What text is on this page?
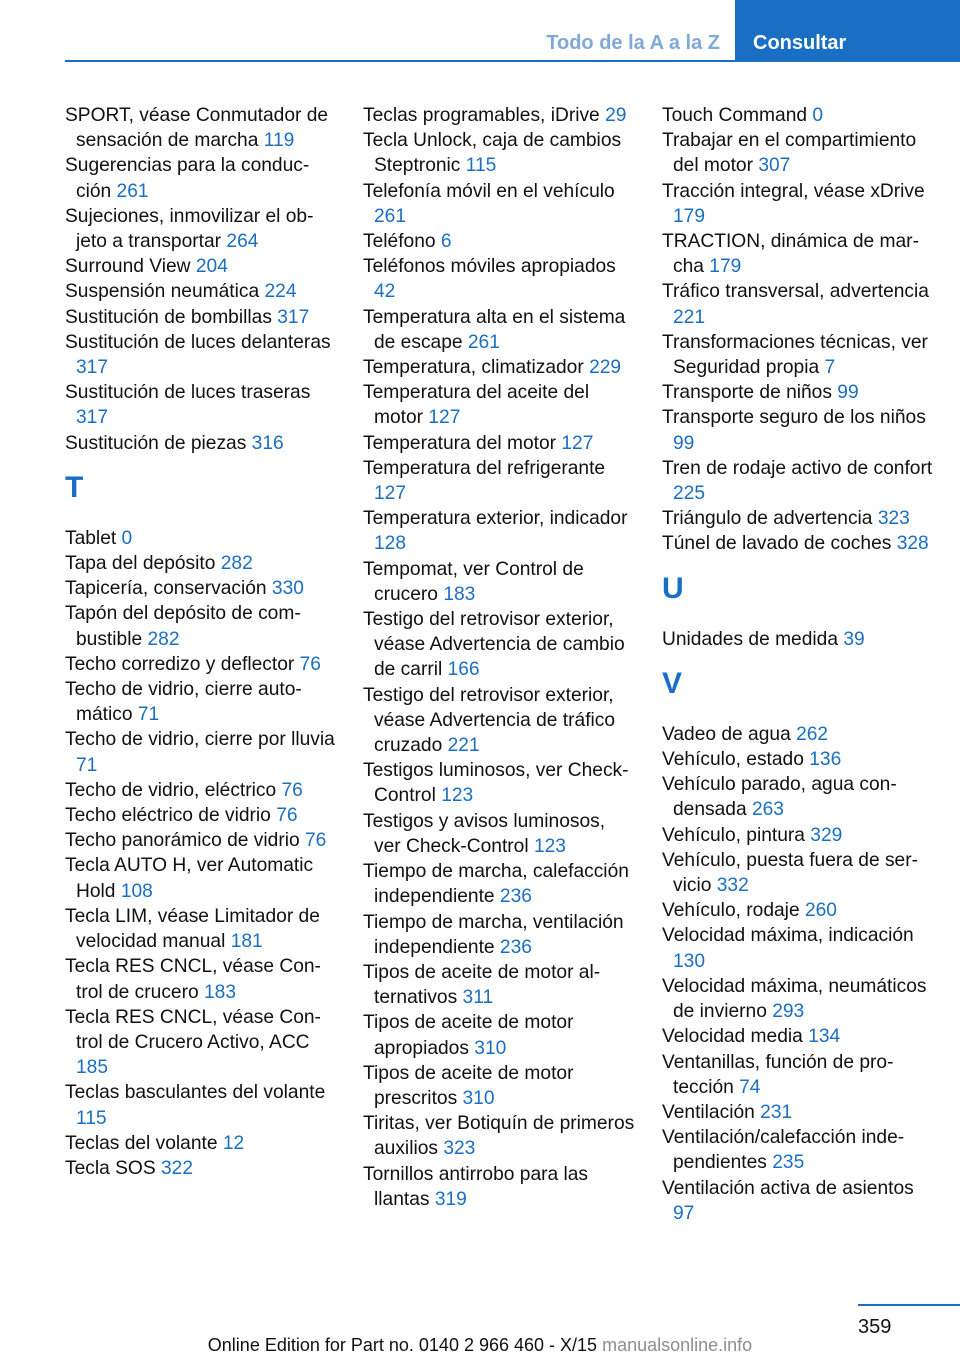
Todo de la A a la Z	Consultar
SPORT, véase Conmutador de sensación de marcha 119
Sugerencias para la conducción 261
Sujeciones, inmovilizar el objeto a transportar 264
Surround View 204
Suspensión neumática 224
Sustitución de bombillas 317
Sustitución de luces delanteras 317
Sustitución de luces traseras 317
Sustitución de piezas 316
T
Tablet 0
Tapa del depósito 282
Tapicería, conservación 330
Tapón del depósito de combustible 282
Techo corredizo y deflector 76
Techo de vidrio, cierre automático 71
Techo de vidrio, cierre por lluvia 71
Techo de vidrio, eléctrico 76
Techo eléctrico de vidrio 76
Techo panorámico de vidrio 76
Tecla AUTO H, ver Automatic Hold 108
Tecla LIM, véase Limitador de velocidad manual 181
Tecla RES CNCL, véase Control de crucero 183
Tecla RES CNCL, véase Control de Crucero Activo, ACC 185
Teclas basculantes del volante 115
Teclas del volante 12
Tecla SOS 322
Teclas programables, iDrive 29
Tecla Unlock, caja de cambios Steptronic 115
Telefonía móvil en el vehículo 261
Teléfono 6
Teléfonos móviles apropiados 42
Temperatura alta en el sistema de escape 261
Temperatura, climatizador 229
Temperatura del aceite del motor 127
Temperatura del motor 127
Temperatura del refrigerante 127
Temperatura exterior, indicador 128
Tempomat, ver Control de crucero 183
Testigo del retrovisor exterior, véase Advertencia de cambio de carril 166
Testigo del retrovisor exterior, véase Advertencia de tráfico cruzado 221
Testigos luminosos, ver Check-Control 123
Testigos y avisos luminosos, ver Check-Control 123
Tiempo de marcha, calefacción independiente 236
Tiempo de marcha, ventilación independiente 236
Tipos de aceite de motor alternativos 311
Tipos de aceite de motor apropiados 310
Tipos de aceite de motor prescritos 310
Tiritas, ver Botiquín de primeros auxilios 323
Tornillos antirrobo para las llantas 319
Touch Command 0
Trabajar en el compartimiento del motor 307
Tracción integral, véase xDrive 179
TRACTION, dinámica de marcha 179
Tráfico transversal, advertencia 221
Transformaciones técnicas, ver Seguridad propia 7
Transporte de niños 99
Transporte seguro de los niños 99
Tren de rodaje activo de confort 225
Triángulo de advertencia 323
Túnel de lavado de coches 328
U
Unidades de medida 39
V
Vadeo de agua 262
Vehículo, estado 136
Vehículo parado, agua condensada 263
Vehículo, pintura 329
Vehículo, puesta fuera de servicio 332
Vehículo, rodaje 260
Velocidad máxima, indicación 130
Velocidad máxima, neumáticos de invierno 293
Velocidad media 134
Ventanillas, función de protección 74
Ventilación 231
Ventilación/calefacción independientes 235
Ventilación activa de asientos 97
359
Online Edition for Part no. 0140 2 966 460 - X/15 manualsonline.info
